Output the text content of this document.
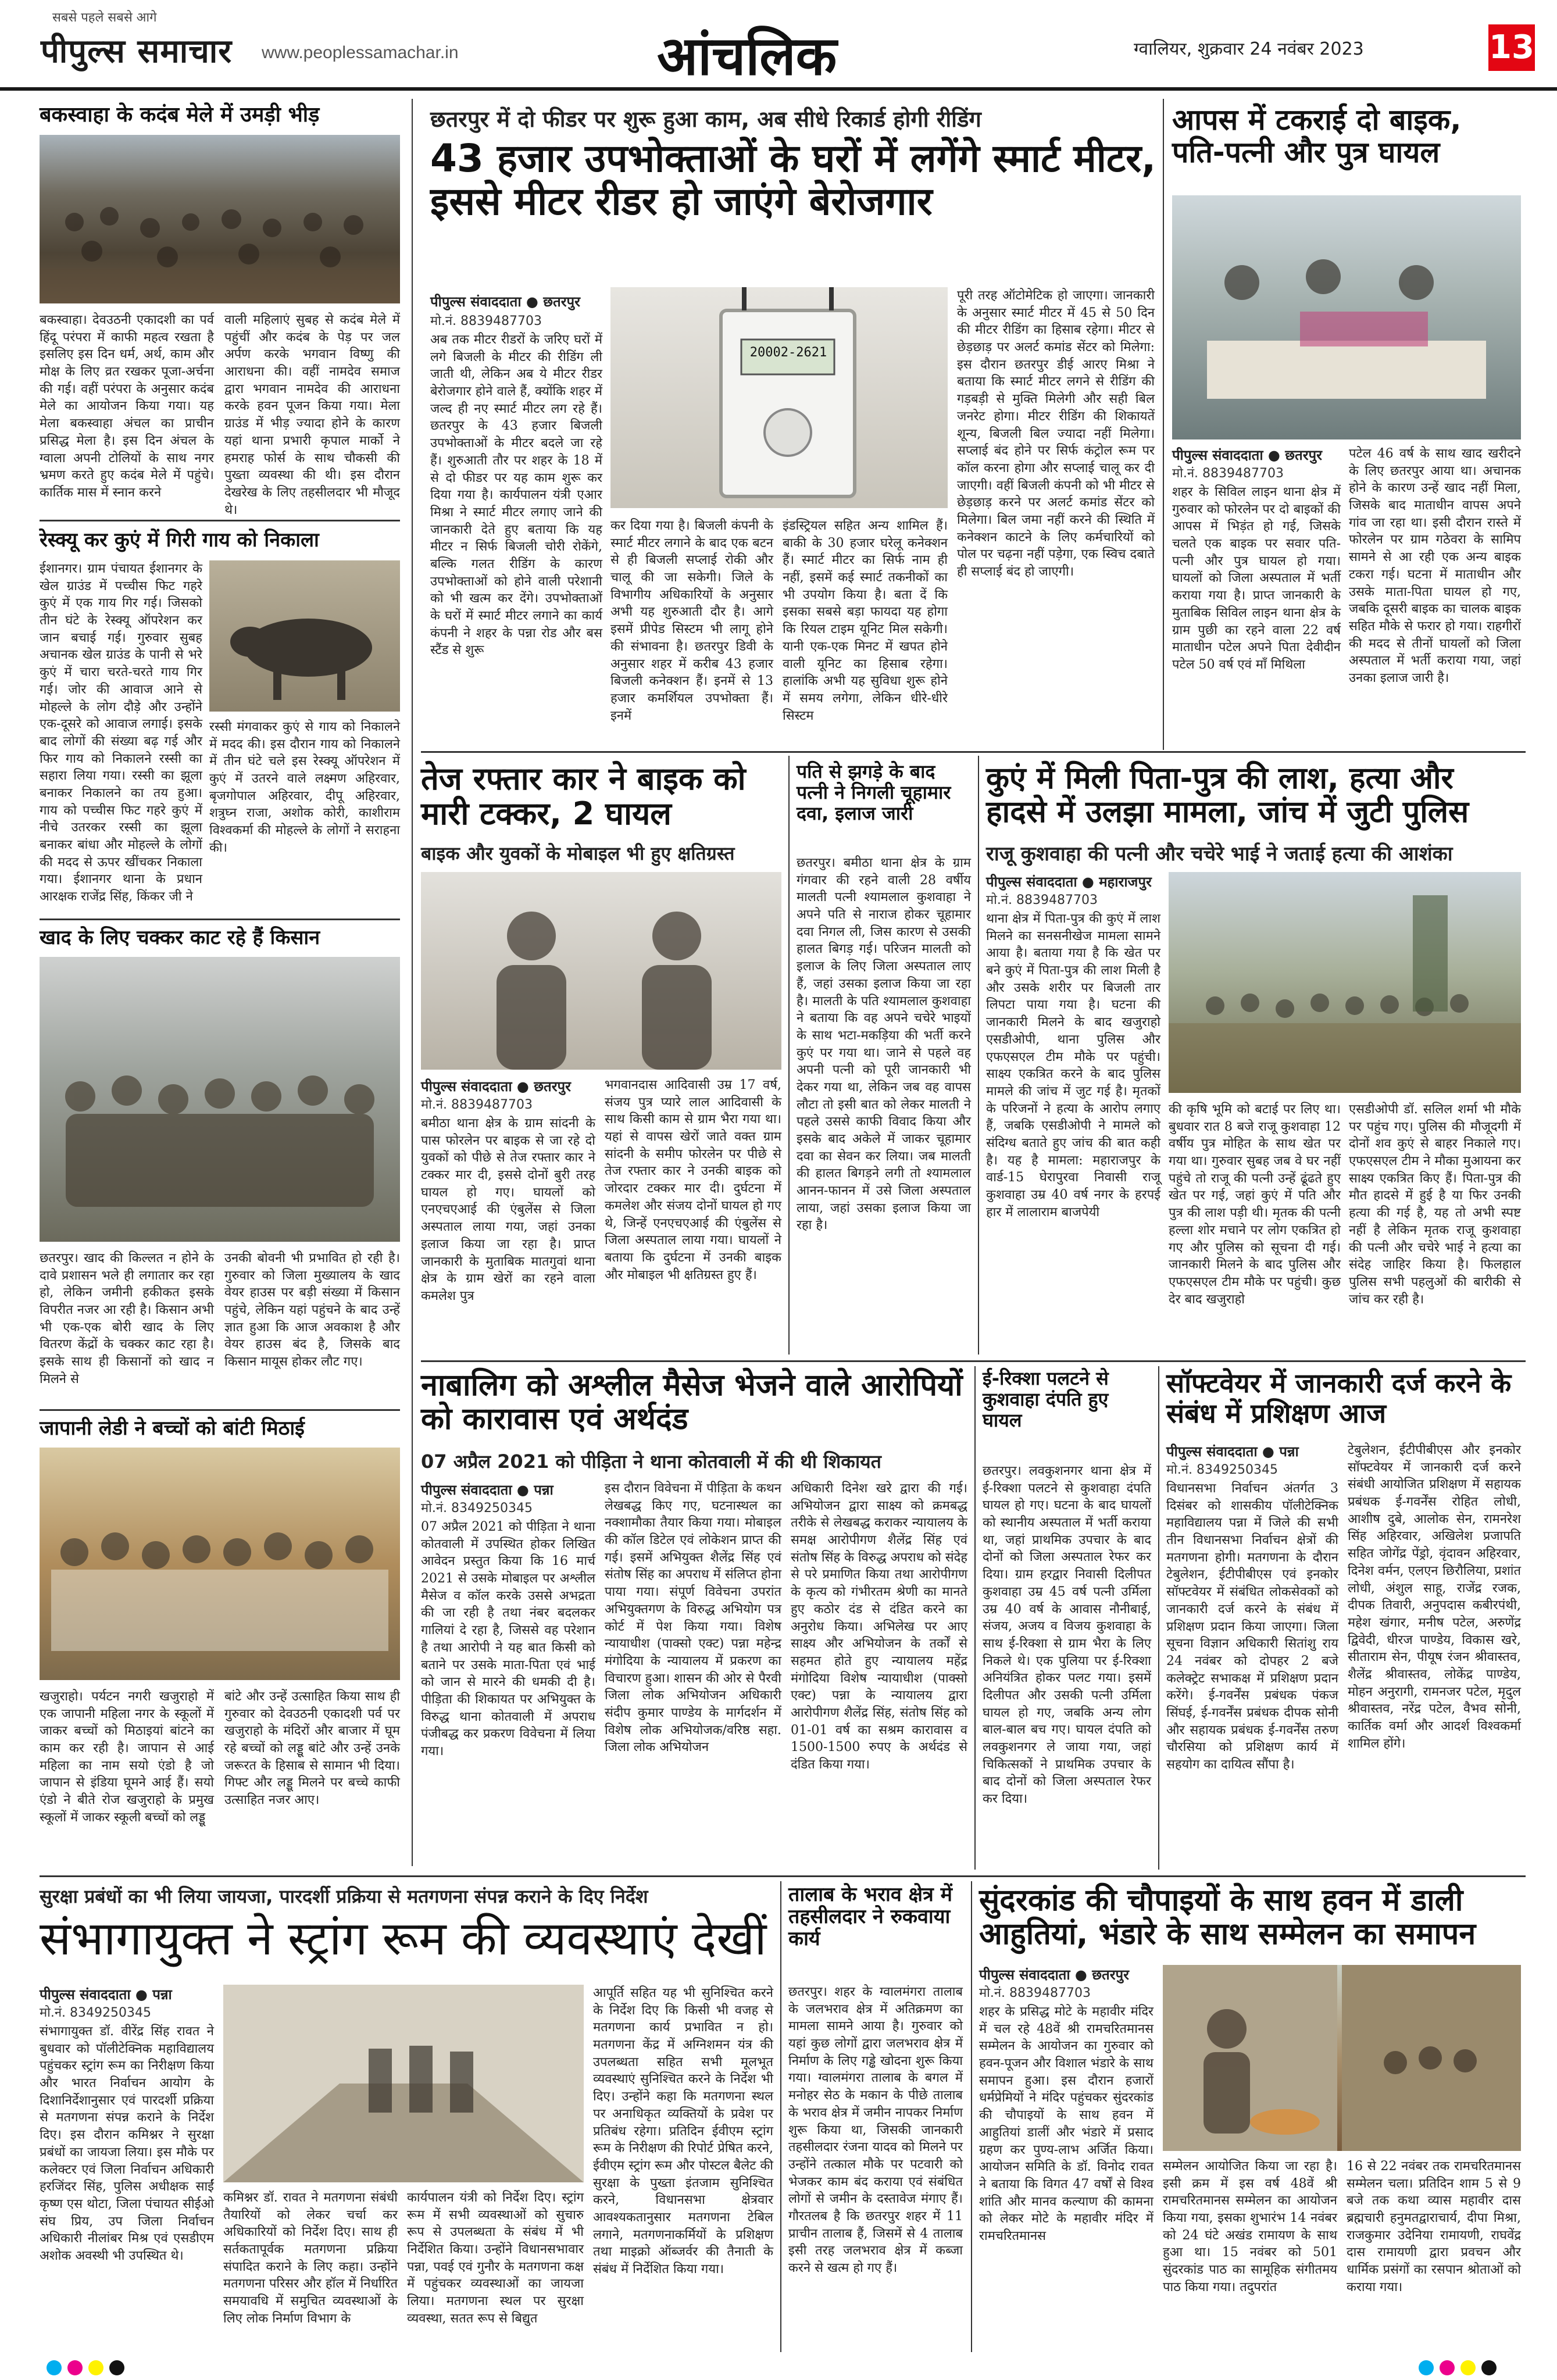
सबसे पहले सबसे आगे
पीपुल्स समाचार www.peoplessamachar.in	आंचलिक	ग्वालियर, शुक्रवार 24 नवंबर 2023	13
बकस्वाहा के कदंब मेले में उमड़ी भीड़
बकस्वाहा। देवउठनी एकादशी का पर्व हिंदू परंपरा में काफी महत्व रखता है इसलिए इस दिन धर्म, अर्थ, काम और मोक्ष के लिए व्रत रखकर पूजा-अर्चना की गई। वहीं परंपरा के अनुसार कदंब मेले का आयोजन किया गया। यह मेला बकस्वाहा अंचल का प्राचीन प्रसिद्ध मेला है। इस दिन अंचल के ग्वाला अपनी टोलियों के साथ नगर भ्रमण करते हुए कदंब मेले में पहुंचे। कार्तिक मास में स्नान करने
वाली महिलाएं सुबह से कदंब मेले में पहुंचीं और कदंब के पेड़ पर जल अर्पण करके भगवान विष्णु की आराधना की। वहीं नामदेव समाज द्वारा भगवान नामदेव की आराधना करके हवन पूजन किया गया। मेला ग्राउंड में भीड़ ज्यादा होने के कारण यहां थाना प्रभारी कृपाल मार्को ने हमराह फोर्स के साथ चौकसी की पुख्ता व्यवस्था की थी। इस दौरान देखरेख के लिए तहसीलदार भी मौजूद थे।
रेस्क्यू कर कुएं में गिरी गाय को निकाला
ईशानगर। ग्राम पंचायत ईशानगर के खेल ग्राउंड में पच्चीस फिट गहरे कुएं में एक गाय गिर गई। जिसको तीन घंटे के रेस्क्यू ऑपरेशन कर जान बचाई गई। गुरुवार सुबह अचानक खेल ग्राउंड के पानी से भरे कुएं में चारा चरते-चरते गाय गिर गई। जोर की आवाज आने से मोहल्ले के लोग दौड़े और उन्होंने एक-दूसरे को आवाज लगाई। इसके बाद लोगों की संख्या बढ़ गई और फिर गाय को निकालने रस्सी का सहारा लिया गया। रस्सी का झूला बनाकर निकालने का तय हुआ। गाय को पच्चीस फिट गहरे कुएं में नीचे उतरकर रस्सी का झूला बनाकर बांधा और मोहल्ले के लोगों की मदद से ऊपर खींचकर निकाला गया। ईशानगर थाना के प्रधान आरक्षक राजेंद्र सिंह, किंकर जी ने
रस्सी मंगवाकर कुएं से गाय को निकालने में मदद की। इस दौरान गाय को निकालने में तीन घंटे चले इस रेस्क्यू ऑपरेशन में कुएं में उतरने वाले लक्ष्मण अहिरवार, बृजगोपाल अहिरवार, दीपू अहिरवार, शत्रुघ्न राजा, अशोक कोरी, काशीराम विश्वकर्मा की मोहल्ले के लोगों ने सराहना की।
खाद के लिए चक्कर काट रहे हैं किसान
छतरपुर। खाद की किल्लत न होने के दावे प्रशासन भले ही लगातार कर रहा हो, लेकिन जमीनी हकीकत इसके विपरीत नजर आ रही है। किसान अभी भी एक-एक बोरी खाद के लिए वितरण केंद्रों के चक्कर काट रहा है। इसके साथ ही किसानों को खाद न मिलने से
उनकी बोवनी भी प्रभावित हो रही है। गुरुवार को जिला मुख्यालय के खाद वेयर हाउस पर बड़ी संख्या में किसान पहुंचे, लेकिन यहां पहुंचने के बाद उन्हें ज्ञात हुआ कि आज अवकाश है और वेयर हाउस बंद है, जिसके बाद किसान मायूस होकर लौट गए।
जापानी लेडी ने बच्चों को बांटी मिठाई
खजुराहो। पर्यटन नगरी खजुराहो में एक जापानी महिला नगर के स्कूलों में जाकर बच्चों को मिठाइयां बांटने का काम कर रही है। जापान से आई महिला का नाम सयो एंडो है जो जापान से इंडिया घूमने आई हैं। सयो एंडो ने बीते रोज खजुराहो के प्रमुख स्कूलों में जाकर स्कूली बच्चों को लड्डू
बांटे और उन्हें उत्साहित किया साथ ही गुरुवार को देवउठनी एकादशी पर्व पर खजुराहो के मंदिरों और बाजार में घूम रहे बच्चों को लड्डू बांटे और उन्हें उनके जरूरत के हिसाब से सामान भी दिया। गिफ्ट और लड्डू मिलने पर बच्चे काफी उत्साहित नजर आए।
छतरपुर में दो फीडर पर शुरू हुआ काम, अब सीधे रिकार्ड होगी रीडिंग
43 हजार उपभोक्ताओं के घरों में लगेंगे स्मार्ट मीटर, इससे मीटर रीडर हो जाएंगे बेरोजगार
पीपुल्स संवाददाता ● छतरपुर
मो.नं. 8839487703
अब तक मीटर रीडरों के जरिए घरों में लगे बिजली के मीटर की रीडिंग ली जाती थी, लेकिन अब ये मीटर रीडर बेरोजगार होने वाले हैं, क्योंकि शहर में जल्द ही नए स्मार्ट मीटर लग रहे हैं। छतरपुर के 43 हजार बिजली उपभोक्ताओं के मीटर बदले जा रहे हैं। शुरुआती तौर पर शहर के 18 में से दो फीडर पर यह काम शुरू कर दिया गया है। कार्यपालन यंत्री एआर मिश्रा ने स्मार्ट मीटर लगाए जाने की जानकारी देते हुए बताया कि यह मीटर न सिर्फ बिजली चोरी रोकेंगे, बल्कि गलत रीडिंग के कारण उपभोक्ताओं को होने वाली परेशानी को भी खत्म कर देंगे। उपभोक्ताओं के घरों में स्मार्ट मीटर लगाने का कार्य कंपनी ने शहर के पन्ना रोड और बस स्टैंड से शुरू
20002-2621
कर दिया गया है। बिजली कंपनी के स्मार्ट मीटर लगाने के बाद एक बटन से ही बिजली सप्लाई रोकी और चालू की जा सकेगी। जिले के विभागीय अधिकारियों के अनुसार अभी यह शुरुआती दौर है। आगे इसमें प्रीपेड सिस्टम भी लागू होने की संभावना है। छतरपुर डिवी के अनुसार शहर में करीब 43 हजार बिजली कनेक्शन हैं। इनमें से 13 हजार कमर्शियल उपभोक्ता हैं। इनमें
इंडस्ट्रियल सहित अन्य शामिल हैं। बाकी के 30 हजार घरेलू कनेक्शन हैं। स्मार्ट मीटर का सिर्फ नाम ही नहीं, इसमें कई स्मार्ट तकनीकों का भी उपयोग किया है। बता दें कि इसका सबसे बड़ा फायदा यह होगा कि रियल टाइम यूनिट मिल सकेगी। यानी एक-एक मिनट में खपत होने वाली यूनिट का हिसाब रहेगा। हालांकि अभी यह सुविधा शुरू होने में समय लगेगा, लेकिन धीरे-धीरे सिस्टम
पूरी तरह ऑटोमेटिक हो जाएगा। जानकारी के अनुसार स्मार्ट मीटर में 45 से 50 दिन की मीटर रीडिंग का हिसाब रहेगा। मीटर से छेड़छाड़ पर अलर्ट कमांड सेंटर को मिलेगा: इस दौरान छतरपुर डीई आरए मिश्रा ने बताया कि स्मार्ट मीटर लगने से रीडिंग की गड़बड़ी से मुक्ति मिलेगी और सही बिल जनरेट होगा। मीटर रीडिंग की शिकायतें शून्य, बिजली बिल ज्यादा नहीं मिलेगा। सप्लाई बंद होने पर सिर्फ कंट्रोल रूम पर कॉल करना होगा और सप्लाई चालू कर दी जाएगी। वहीं बिजली कंपनी को भी मीटर से छेड़छाड़ करने पर अलर्ट कमांड सेंटर को मिलेगा। बिल जमा नहीं करने की स्थिति में कनेक्शन काटने के लिए कर्मचारियों को पोल पर चढ़ना नहीं पड़ेगा, एक स्विच दबाते ही सप्लाई बंद हो जाएगी।
आपस में टकराई दो बाइक, पति-पत्नी और पुत्र घायल
पीपुल्स संवाददाता ● छतरपुर
मो.नं. 8839487703
शहर के सिविल लाइन थाना क्षेत्र में गुरुवार को फोरलेन पर दो बाइकों की आपस में भिड़ंत हो गई, जिसके चलते एक बाइक पर सवार पति-पत्नी और पुत्र घायल हो गया। घायलों को जिला अस्पताल में भर्ती कराया गया है। प्राप्त जानकारी के मुताबिक सिविल लाइन थाना क्षेत्र के ग्राम पुछी का रहने वाला 22 वर्ष माताधीन पटेल अपने पिता देवीदीन पटेल 50 वर्ष एवं माँ मिथिला
पटेल 46 वर्ष के साथ खाद खरीदने के लिए छतरपुर आया था। अचानक होने के कारण उन्हें खाद नहीं मिला, जिसके बाद माताधीन वापस अपने गांव जा रहा था। इसी दौरान रास्ते में फोरलेन पर ग्राम गठेवरा के सामिप सामने से आ रही एक अन्य बाइक टकरा गई। घटना में माताधीन और उसके माता-पिता घायल हो गए, जबकि दूसरी बाइक का चालक बाइक सहित मौके से फरार हो गया। राहगीरों की मदद से तीनों घायलों को जिला अस्पताल में भर्ती कराया गया, जहां उनका इलाज जारी है।
तेज रफ्तार कार ने बाइक को मारी टक्कर, 2 घायल
बाइक और युवकों के मोबाइल भी हुए क्षतिग्रस्त
पीपुल्स संवाददाता ● छतरपुर
मो.नं. 8839487703
बमीठा थाना क्षेत्र के ग्राम सांदनी के पास फोरलेन पर बाइक से जा रहे दो युवकों को पीछे से तेज रफ्तार कार ने टक्कर मार दी, इससे दोनों बुरी तरह घायल हो गए। घायलों को एनएचएआई की एंबुलेंस से जिला अस्पताल लाया गया, जहां उनका इलाज किया जा रहा है। प्राप्त जानकारी के मुताबिक मातगुवां थाना क्षेत्र के ग्राम खेरों का रहने वाला कमलेश पुत्र
भगवानदास आदिवासी उम्र 17 वर्ष, संजय पुत्र प्यारे लाल आदिवासी के साथ किसी काम से ग्राम भैरा गया था। यहां से वापस खेरों जाते वक्त ग्राम सांदनी के समीप फोरलेन पर पीछे से तेज रफ्तार कार ने उनकी बाइक को जोरदार टक्कर मार दी। दुर्घटना में कमलेश और संजय दोनों घायल हो गए थे, जिन्हें एनएचएआई की एंबुलेंस से जिला अस्पताल लाया गया। घायलों ने बताया कि दुर्घटना में उनकी बाइक और मोबाइल भी क्षतिग्रस्त हुए हैं।
पति से झगड़े के बाद पत्नी ने निगली चूहामार दवा, इलाज जारी
छतरपुर। बमीठा थाना क्षेत्र के ग्राम गंगवार की रहने वाली 28 वर्षीय मालती पत्नी श्यामलाल कुशवाहा ने अपने पति से नाराज होकर चूहामार दवा निगल ली, जिस कारण से उसकी हालत बिगड़ गई। परिजन मालती को इलाज के लिए जिला अस्पताल लाए हैं, जहां उसका इलाज किया जा रहा है। मालती के पति श्यामलाल कुशवाहा ने बताया कि वह अपने चचेरे भाइयों के साथ भटा-मकड़िया की भर्ती करने कुएं पर गया था। जाने से पहले वह अपनी पत्नी को पूरी जानकारी भी देकर गया था, लेकिन जब वह वापस लौटा तो इसी बात को लेकर मालती ने पहले उससे काफी विवाद किया और इसके बाद अकेले में जाकर चूहामार दवा का सेवन कर लिया। जब मालती की हालत बिगड़ने लगी तो श्यामलाल आनन-फानन में उसे जिला अस्पताल लाया, जहां उसका इलाज किया जा रहा है।
कुएं में मिली पिता-पुत्र की लाश, हत्या और हादसे में उलझा मामला, जांच में जुटी पुलिस
राजू कुशवाहा की पत्नी और चचेरे भाई ने जताई हत्या की आशंका
पीपुल्स संवाददाता ● महाराजपुर
मो.नं. 8839487703
थाना क्षेत्र में पिता-पुत्र की कुएं में लाश मिलने का सनसनीखेज मामला सामने आया है। बताया गया है कि खेत पर बने कुएं में पिता-पुत्र की लाश मिली है और उसके शरीर पर बिजली तार लिपटा पाया गया है। घटना की जानकारी मिलने के बाद खजुराहो एसडीओपी, थाना पुलिस और एफएसएल टीम मौके पर पहुंची। साक्ष्य एकत्रित करने के बाद पुलिस मामले की जांच में जुट गई है। मृतकों के परिजनों ने हत्या के आरोप लगाए हैं, जबकि एसडीओपी ने मामले को संदिग्ध बताते हुए जांच की बात कही है। यह है मामला: महाराजपुर के वार्ड-15 घेरापुरवा निवासी राजू कुशवाहा उम्र 40 वर्ष नगर के हरपई हार में लालाराम बाजपेयी
की कृषि भूमि को बटाई पर लिए था। बुधवार रात 8 बजे राजू कुशवाहा 12 वर्षीय पुत्र मोहित के साथ खेत पर गया था। गुरुवार सुबह जब वे घर नहीं पहुंचे तो राजू की पत्नी उन्हें ढूंढते हुए खेत पर गई, जहां कुएं में पति और पुत्र की लाश पड़ी थी। मृतक की पत्नी हल्ला शोर मचाने पर लोग एकत्रित हो गए और पुलिस को सूचना दी गई। जानकारी मिलने के बाद पुलिस और एफएसएल टीम मौके पर पहुंची। कुछ देर बाद खजुराहो
एसडीओपी डॉ. सलिल शर्मा भी मौके पर पहुंच गए। पुलिस की मौजूदगी में दोनों शव कुएं से बाहर निकाले गए। एफएसएल टीम ने मौका मुआयना कर साक्ष्य एकत्रित किए हैं। पिता-पुत्र की मौत हादसे में हुई है या फिर उनकी हत्या की गई है, यह तो अभी स्पष्ट नहीं है लेकिन मृतक राजू कुशवाहा की पत्नी और चचेरे भाई ने हत्या का संदेह जाहिर किया है। फिलहाल पुलिस सभी पहलुओं की बारीकी से जांच कर रही है।
नाबालिग को अश्लील मैसेज भेजने वाले आरोपियों को कारावास एवं अर्थदंड
07 अप्रैल 2021 को पीड़िता ने थाना कोतवाली में की थी शिकायत
पीपुल्स संवाददाता ● पन्ना
मो.नं. 8349250345
07 अप्रैल 2021 को पीड़िता ने थाना कोतवाली में उपस्थित होकर लिखित आवेदन प्रस्तुत किया कि 16 मार्च 2021 से उसके मोबाइल पर अश्लील मैसेज व कॉल करके उससे अभद्रता की जा रही है तथा नंबर बदलकर गालियां दे रहा है, जिससे वह परेशान है तथा आरोपी ने यह बात किसी को बताने पर उसके माता-पिता एवं भाई को जान से मारने की धमकी दी है। पीड़िता की शिकायत पर अभियुक्त के विरुद्ध थाना कोतवाली में अपराध पंजीबद्ध कर प्रकरण विवेचना में लिया गया।
इस दौरान विवेचना में पीड़िता के कथन लेखबद्ध किए गए, घटनास्थल का नक्शामौका तैयार किया गया। मोबाइल की कॉल डिटेल एवं लोकेशन प्राप्त की गई। इसमें अभियुक्त शैलेंद्र सिंह एवं संतोष सिंह का अपराध में संलिप्त होना पाया गया। संपूर्ण विवेचना उपरांत अभियुक्तगण के विरुद्ध अभियोग पत्र कोर्ट में पेश किया गया। विशेष न्यायाधीश (पाक्सो एक्ट) पन्ना महेन्द्र मंगोदिया के न्यायालय में प्रकरण का विचारण हुआ। शासन की ओर से पैरवी जिला लोक अभियोजन अधिकारी संदीप कुमार पाण्डेय के मार्गदर्शन में विशेष लोक अभियोजक/वरिष्ठ सहा. जिला लोक अभियोजन
अधिकारी दिनेश खरे द्वारा की गई। अभियोजन द्वारा साक्ष्य को क्रमबद्ध तरीके से लेखबद्ध कराकर न्यायालय के समक्ष आरोपीगण शैलेंद्र सिंह एवं संतोष सिंह के विरुद्ध अपराध को संदेह से परे प्रमाणित किया तथा आरोपीगण के कृत्य को गंभीरतम श्रेणी का मानते हुए कठोर दंड से दंडित करने का अनुरोध किया। अभिलेख पर आए साक्ष्य और अभियोजन के तर्कों से सहमत होते हुए न्यायालय महेंद्र मंगोदिया विशेष न्यायाधीश (पाक्सो एक्ट) पन्ना के न्यायालय द्वारा आरोपीगण शैलेंद्र सिंह, संतोष सिंह को 01-01 वर्ष का सश्रम कारावास व 1500-1500 रुपए के अर्थदंड से दंडित किया गया।
ई-रिक्शा पलटने से कुशवाहा दंपति हुए घायल
छतरपुर। लवकुशनगर थाना क्षेत्र में ई-रिक्शा पलटने से कुशवाहा दंपति घायल हो गए। घटना के बाद घायलों को स्थानीय अस्पताल में भर्ती कराया था, जहां प्राथमिक उपचार के बाद दोनों को जिला अस्पताल रेफर कर दिया। ग्राम हरद्वार निवासी दिलीपत कुशवाहा उम्र 45 वर्ष पत्नी उर्मिला उम्र 40 वर्ष के आवास नौनीबाई, संजय, अजय व विजय कुशवाहा के साथ ई-रिक्शा से ग्राम भैरा के लिए निकले थे। एक पुलिया पर ई-रिक्शा अनियंत्रित होकर पलट गया। इसमें दिलीपत और उसकी पत्नी उर्मिला घायल हो गए, जबकि अन्य लोग बाल-बाल बच गए। घायल दंपति को लवकुशनगर ले जाया गया, जहां चिकित्सकों ने प्राथमिक उपचार के बाद दोनों को जिला अस्पताल रेफर कर दिया।
सॉफ्टवेयर में जानकारी दर्ज करने के संबंध में प्रशिक्षण आज
पीपुल्स संवाददाता ● पन्ना
मो.नं. 8349250345
विधानसभा निर्वाचन अंतर्गत 3 दिसंबर को शासकीय पॉलीटेक्निक महाविद्यालय पन्ना में जिले की सभी तीन विधानसभा निर्वाचन क्षेत्रों की मतगणना होगी। मतगणना के दौरान टेबुलेशन, ईटीपीबीएस एवं इनकोर सॉफ्टवेयर में संबंधित लोकसेवकों को जानकारी दर्ज करने के संबंध में प्रशिक्षण प्रदान किया जाएगा। जिला सूचना विज्ञान अधिकारी सितांशु राय 24 नवंबर को दोपहर 2 बजे कलेक्ट्रेट सभाकक्ष में प्रशिक्षण प्रदान करेंगे। ई-गवर्नेंस प्रबंधक पंकज सिंघई, ई-गवर्नेंस प्रबंधक दीपक सोनी और सहायक प्रबंधक ई-गवर्नेंस तरुण चौरसिया को प्रशिक्षण कार्य में सहयोग का दायित्व सौंपा है।
टेबुलेशन, ईटीपीबीएस और इनकोर सॉफ्टवेयर में जानकारी दर्ज करने संबंधी आयोजित प्रशिक्षण में सहायक प्रबंधक ई-गवर्नेंस रोहित लोधी, आशीष दुबे, आलोक सेन, रामनरेश सिंह अहिरवार, अखिलेश प्रजापति सहित जोगेंद्र पेंड्रो, वृंदावन अहिरवार, दिनेश वर्मन, एलएन छिरौलिया, प्रशांत लोधी, अंशुल साहू, राजेंद्र रजक, दीपक तिवारी, अनुपदास कबीरपंथी, महेश खंगार, मनीष पटेल, अरुणेंद्र द्विवेदी, धीरज पाण्डेय, विकास खरे, सीताराम सेन, पीयूष रंजन श्रीवास्तव, शैलेंद्र श्रीवास्तव, लोकेंद्र पाण्डेय, मोहन अनुरागी, रामनजर पटेल, मृदुल श्रीवास्तव, नरेंद्र पटेल, वैभव सोनी, कार्तिक वर्मा और आदर्श विश्वकर्मा शामिल होंगे।
सुरक्षा प्रबंधों का भी लिया जायजा, पारदर्शी प्रक्रिया से मतगणना संपन्न कराने के दिए निर्देश
संभागायुक्त ने स्ट्रांग रूम की व्यवस्थाएं देखीं
पीपुल्स संवाददाता ● पन्ना
मो.नं. 8349250345
संभागायुक्त डॉ. वीरेंद्र सिंह रावत ने बुधवार को पॉलीटेक्निक महाविद्यालय पहुंचकर स्ट्रांग रूम का निरीक्षण किया और भारत निर्वाचन आयोग के दिशानिर्देशानुसार एवं पारदर्शी प्रक्रिया से मतगणना संपन्न कराने के निर्देश दिए। इस दौरान कमिश्नर ने सुरक्षा प्रबंधों का जायजा लिया। इस मौके पर कलेक्टर एवं जिला निर्वाचन अधिकारी हरजिंदर सिंह, पुलिस अधीक्षक साईं कृष्ण एस थोटा, जिला पंचायत सीईओ संघ प्रिय, उप जिला निर्वाचन अधिकारी नीलांबर मिश्र एवं एसडीएम अशोक अवस्थी भी उपस्थित थे।
कमिश्नर डॉ. रावत ने मतगणना संबंधी तैयारियों को लेकर चर्चा कर अधिकारियों को निर्देश दिए। साथ ही सर्तकतापूर्वक मतगणना प्रक्रिया संपादित कराने के लिए कहा। उन्होंने मतगणना परिसर और हॉल में निर्धारित समयावधि में समुचित व्यवस्थाओं के लिए लोक निर्माण विभाग के
कार्यपालन यंत्री को निर्देश दिए। स्ट्रांग रूम में सभी व्यवस्थाओं को सुचारु रूप से उपलब्धता के संबंध में भी निर्देशित किया। उन्होंने विधानसभावार पन्ना, पवई एवं गुनौर के मतगणना कक्ष में पहुंचकर व्यवस्थाओं का जायजा लिया। मतगणना स्थल पर सुरक्षा व्यवस्था, सतत रूप से बिद्युत
आपूर्ति सहित यह भी सुनिश्चित करने के निर्देश दिए कि किसी भी वजह से मतगणना कार्य प्रभावित न हो। मतगणना केंद्र में अग्निशमन यंत्र की उपलब्धता सहित सभी मूलभूत व्यवस्थाएं सुनिश्चित करने के निर्देश भी दिए। उन्होंने कहा कि मतगणना स्थल पर अनाधिकृत व्यक्तियों के प्रवेश पर प्रतिबंध रहेगा। प्रतिदिन ईवीएम स्ट्रांग रूम के निरीक्षण की रिपोर्ट प्रेषित करने, ईवीएम स्ट्रांग रूम और पोस्टल बैलेट की सुरक्षा के पुख्ता इंतजाम सुनिश्चित करने, विधानसभा क्षेत्रवार आवश्यकतानुसार मतगणना टेबिल लगाने, मतगणनाकर्मियों के प्रशिक्षण तथा माइक्रो ऑब्जर्वर की तैनाती के संबंध में निर्देशित किया गया।
तालाब के भराव क्षेत्र में तहसीलदार ने रुकवाया कार्य
छतरपुर। शहर के ग्वालमंगरा तालाब के जलभराव क्षेत्र में अतिक्रमण का मामला सामने आया है। गुरुवार को यहां कुछ लोगों द्वारा जलभराव क्षेत्र में निर्माण के लिए गड्ढे खोदना शुरू किया गया। ग्वालमंगरा तालाब के बगल में मनोहर सेठ के मकान के पीछे तालाब के भराव क्षेत्र में जमीन नापकर निर्माण शुरू किया था, जिसकी जानकारी तहसीलदार रंजना यादव को मिलने पर उन्होंने तत्काल मौके पर पटवारी को भेजकर काम बंद कराया एवं संबंधित लोगों से जमीन के दस्तावेज मंगाए हैं। गौरतलब है कि छतरपुर शहर में 11 प्राचीन तालाब हैं, जिसमें से 4 तालाब इसी तरह जलभराव क्षेत्र में कब्जा करने से खत्म हो गए हैं।
सुंदरकांड की चौपाइयों के साथ हवन में डाली आहुतियां, भंडारे के साथ सम्मेलन का समापन
पीपुल्स संवाददाता ● छतरपुर
मो.नं. 8839487703
शहर के प्रसिद्ध मोटे के महावीर मंदिर में चल रहे 48वें श्री रामचरितमानस सम्मेलन के आयोजन का गुरुवार को हवन-पूजन और विशाल भंडारे के साथ समापन हुआ। इस दौरान हजारों धर्मप्रेमियों ने मंदिर पहुंचकर सुंदरकांड की चौपाइयों के साथ हवन में आहुतियां डालीं और भंडारे में प्रसाद ग्रहण कर पुण्य-लाभ अर्जित किया। आयोजन समिति के डॉ. विनोद रावत ने बताया कि विगत 47 वर्षों से विश्व शांति और मानव कल्याण की कामना को लेकर मोटे के महावीर मंदिर में रामचरितमानस
सम्मेलन आयोजित किया जा रहा है। इसी क्रम में इस वर्ष 48वें श्री रामचरितमानस सम्मेलन का आयोजन किया गया, इसका शुभारंभ 14 नवंबर को 24 घंटे अखंड रामायण के साथ हुआ था। 15 नवंबर को 501 सुंदरकांड पाठ का सामूहिक संगीतमय पाठ किया गया। तदुपरांत
16 से 22 नवंबर तक रामचरितमानस सम्मेलन चला। प्रतिदिन शाम 5 से 9 बजे तक कथा व्यास महावीर दास ब्रह्मचारी हनुमतद्वाराचार्य, दीपा मिश्रा, राजकुमार उदेनिया रामायणी, राघवेंद्र दास रामायणी द्वारा प्रवचन और धार्मिक प्रसंगों का रसपान श्रोताओं को कराया गया।
